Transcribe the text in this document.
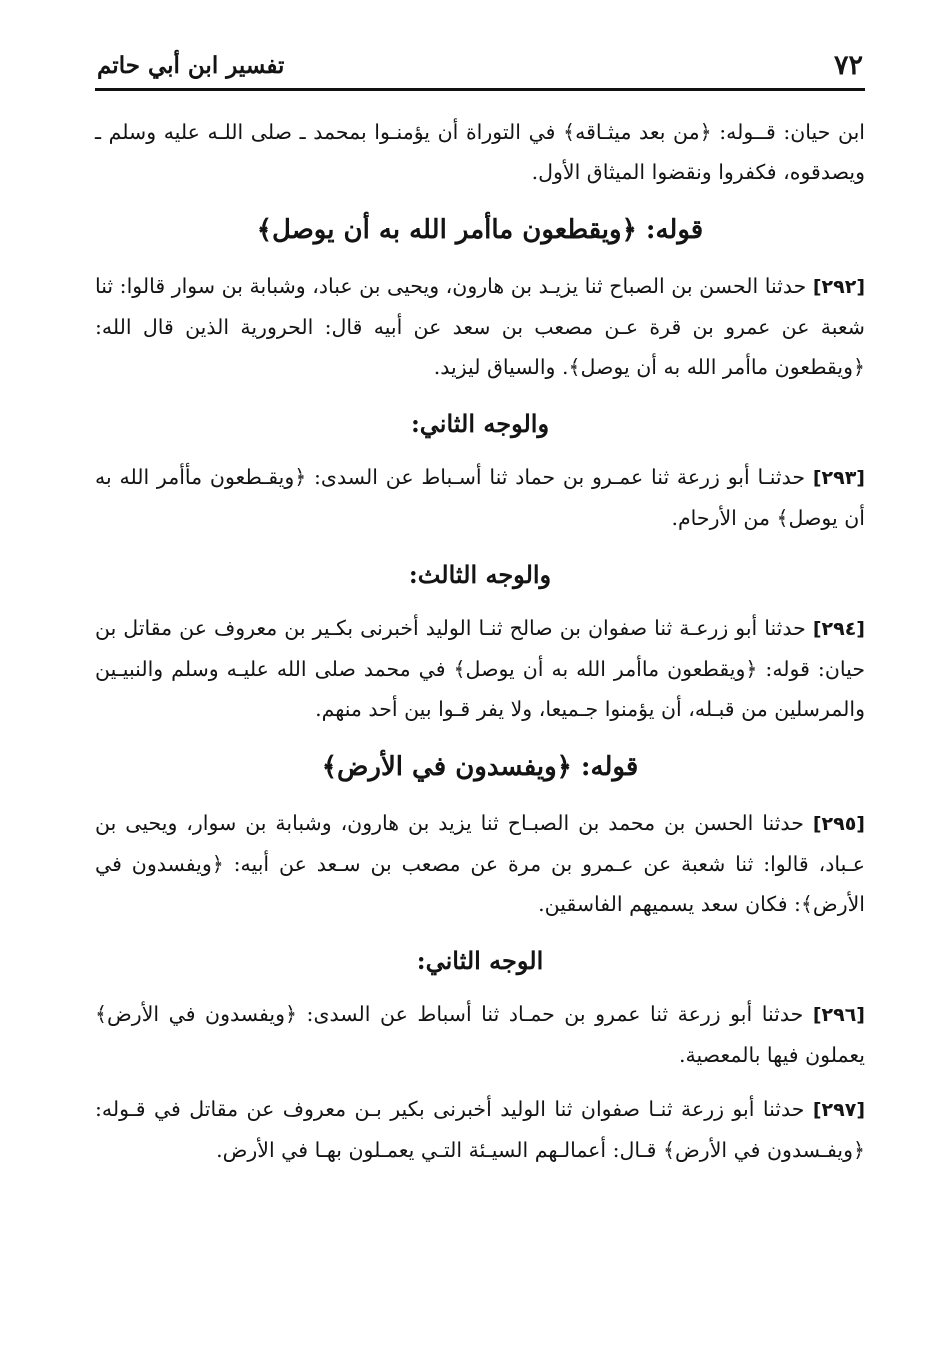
٧٢
تفسير ابن أبي حاتم

ابن حيان: قــوله: ﴿من بعد ميثـاقه﴾ في التوراة أن يؤمنـوا بمحمد ـ صلى اللـه عليه وسلم ـ ويصدقوه، فكفروا ونقضوا الميثاق الأول.

قوله: ﴿ويقطعون ماأمر الله به أن يوصل﴾

[٢٩٢] حدثنا الحسن بن الصباح ثنا يزيـد بن هارون، ويحيى بن عباد، وشبابة بن سوار قالوا: ثنا شعبة عن عمرو بن قرة عـن مصعب بن سعد عن أبيه قال: الحرورية الذين قال الله: ﴿ويقطعون ماأمر الله به أن يوصل﴾. والسياق ليزيد.

والوجه الثاني:

[٢٩٣] حدثنـا أبو زرعة ثنا عمـرو بن حماد ثنا أسـباط عن السدى: ﴿ويقـطعون مأأمر الله به أن يوصل﴾ من الأرحام.

والوجه الثالث:

[٢٩٤] حدثنا أبو زرعـة ثنا صفوان بن صالح ثنـا الوليد أخبرنى بكـير بن معروف عن مقاتل بن حيان: قوله: ﴿ويقطعون ماأمر الله به أن يوصل﴾ في محمد صلى الله عليـه وسلم والنبيـين والمرسلين من قبـله، أن يؤمنوا جـميعا، ولا يفر قـوا بين أحد منهم.

قوله: ﴿ويفسدون في الأرض﴾

[٢٩٥] حدثنا الحسن بن محمد بن الصبـاح ثنا يزيد بن هارون، وشبابة بن سوار، ويحيى بن عـباد، قالوا: ثنا شعبة عن عـمرو بن مرة عن مصعب بن سـعد عن أبيه: ﴿ويفسدون في الأرض﴾: فكان سعد يسميهم الفاسقين.

الوجه الثاني:

[٢٩٦] حدثنا أبو زرعة ثنا عمرو بن حمـاد ثنا أسباط عن السدى: ﴿ويفسدون في الأرض﴾ يعملون فيها بالمعصية.

[٢٩٧] حدثنا أبو زرعة ثنـا صفوان ثنا الوليد أخبرنى بكير بـن معروف عن مقاتل في قـوله: ﴿ويفـسدون في الأرض﴾ قـال: أعمالـهم السيـئة التـي يعمـلون بهـا في الأرض.
